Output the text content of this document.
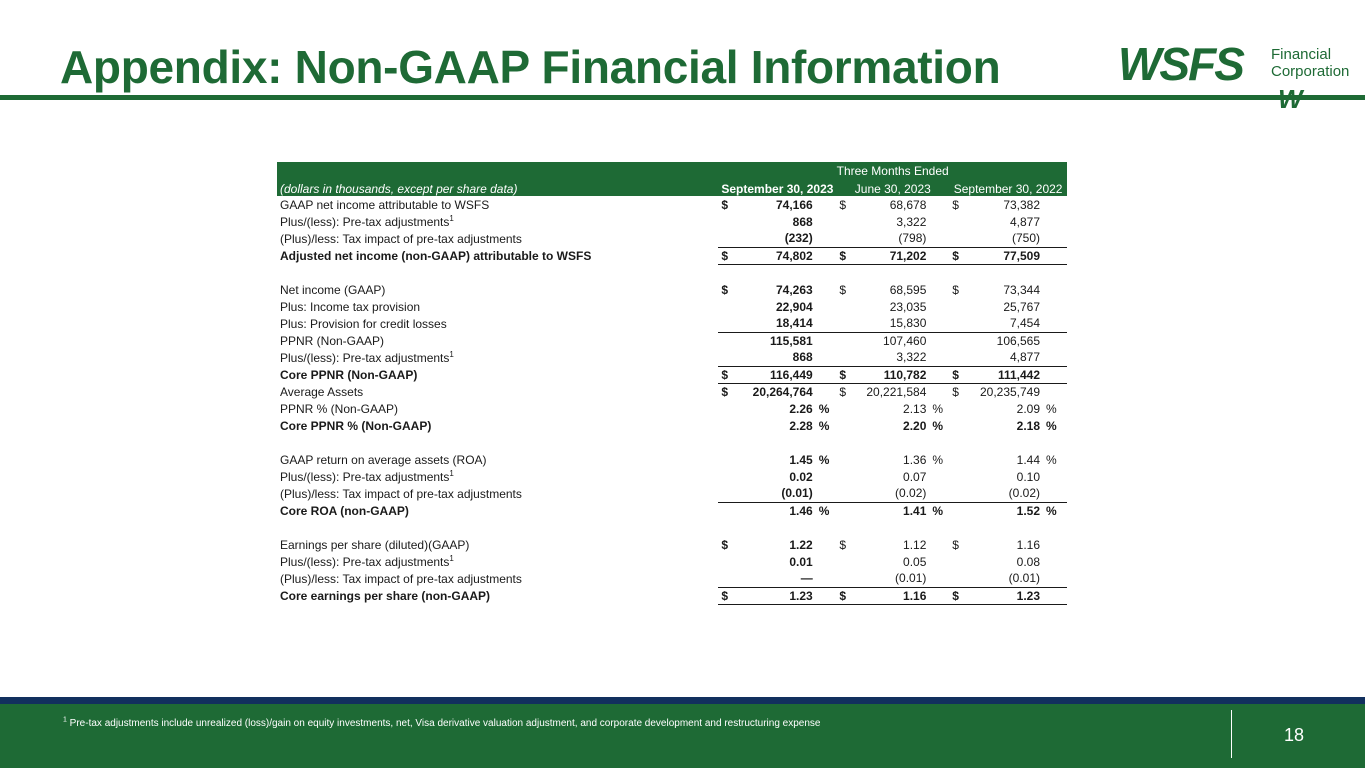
Appendix: Non-GAAP Financial Information	WSFS Financial
Corporation
	Three Months Ended								
(dollars in thousands, except per share data)	September 30, 2023			June 30, 2023			September 30, 2022		
GAAP net income attributable to WSFS	$	74,166		$	68,678		$	73,382	
Plus/(less): Pre-tax adjustments$^1$		868			3,322			4,877	
(Plus)/less: Tax impact of pre-tax adjustments		(232)			(798)			(750)	
Adjusted net income (non-GAAP) attributable to WSFS	$	74,802		$	71,202		$	77,509	

Net income (GAAP)	$	74,263		$	68,595		$	73,344	
Plus: Income tax provision		22,904			23,035			25,767	
Plus: Provision for credit losses		18,414			15,830			7,454	
PPNR (Non-GAAP)		115,581			107,460			106,565	
Plus/(less): Pre-tax adjustments$^1$		868			3,322			4,877	
Core PPNR (Non-GAAP)	$	116,449		$	110,782		$	111,442	
Average Assets	$	20,264,764		$	20,221,584		$	20,235,749	
PPNR % (Non-GAAP)		2.26	%		2.13	%		2.09	%
Core PPNR % (Non-GAAP)		2.28	%		2.20	%		2.18	%

GAAP return on average assets (ROA)		1.45	%		1.36	%		1.44	%
Plus/(less): Pre-tax adjustments$^1$		0.02			0.07			0.10	
(Plus)/less: Tax impact of pre-tax adjustments		(0.01)			(0.02)			(0.02)	
Core ROA (non-GAAP)		1.46	%		1.41	%		1.52	%

Earnings per share (diluted)(GAAP)	$	1.22		$	1.12		$	1.16	
Plus/(less): Pre-tax adjustments$^1$		0.01			0.05			0.08	
(Plus)/less: Tax impact of pre-tax adjustments		—			(0.01)			(0.01)	
Core earnings per share (non-GAAP)	$	1.23		$	1.16		$	1.23	
$^1$ Pre-tax adjustments include unrealized (loss)/gain on equity investments, net, Visa derivative valuation adjustment, and corporate development and restructuring expense
18
